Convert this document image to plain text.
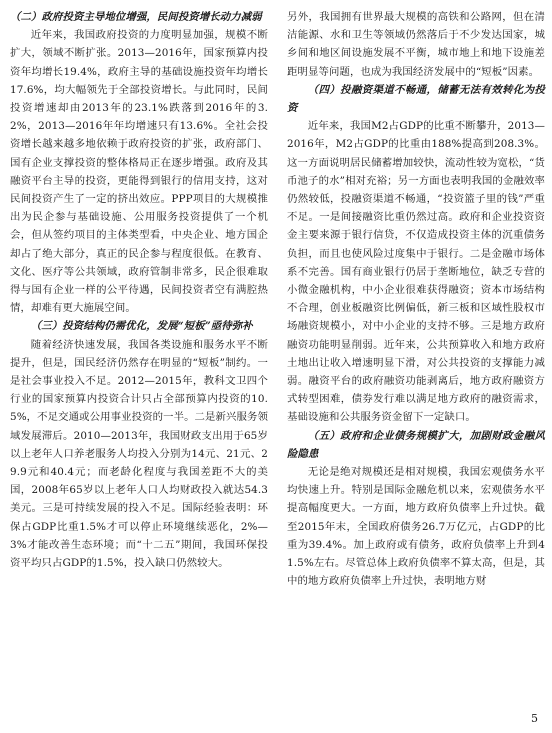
（二）政府投资主导地位增强，民间投资增长动力减弱

近年来，我国政府投资的力度明显加强，规模不断扩大，领域不断扩张。2013—2016年，国家预算内投资年均增长19.4%，政府主导的基础设施投资年均增长17.6%，均大幅领先于全部投资增长。与此同时，民间投资增速却由2013年的23.1%跌落到2016年的3.2%，2013—2016年年均增速只有13.6%。全社会投资增长越来越多地依赖于政府投资的扩张，政府部门、国有企业支撑投资的整体格局正在逐步增强。政府及其融资平台主导的投资，更能得到银行的信用支持，这对民间投资产生了一定的挤出效应。PPP项目的大规模推出为民企参与基础设施、公用服务投资提供了一个机会，但从签约项目的主体类型看，中央企业、地方国企却占了绝大部分，真正的民企参与程度很低。在教育、文化、医疗等公共领域，政府管制非常多，民企很难取得与国有企业一样的公平待遇，民间投资者空有满腔热情，却难有更大施展空间。

（三）投资结构仍需优化，发展“短板”亟待弥补

随着经济快速发展，我国各类设施和服务水平不断提升，但是，国民经济仍然存在明显的“短板”制约。一是社会事业投入不足。2012—2015年，教科文卫四个行业的国家预算内投资合计只占全部预算内投资的10.5%，不足交通或公用事业投资的一半。二是新兴服务领域发展滞后。2010—2013年，我国财政支出用于65岁以上老年人口养老服务人均投入分别为14元、21元、29.9元和40.4元；而老龄化程度与我国差距不大的美国，2008年65岁以上老年人口人均财政投入就达54.3美元。三是可持续发展的投入不足。国际经验表明：环保占GDP比重1.5%才可以停止环境继续恶化，2%—3%才能改善生态环境；而“十二五”期间，我国环保投资平均只占GDP的1.5%，投入缺口仍然较大。

另外，我国拥有世界最大规模的高铁和公路网，但在清洁能源、水和卫生等领域仍然落后于不少发达国家，城乡间和地区间设施发展不平衡，城市地上和地下设施差距明显等问题，也成为我国经济发展中的“短板”因素。

（四）投融资渠道不畅通，储蓄无法有效转化为投资

近年来，我国M2占GDP的比重不断攀升，2013—2016年，M2占GDP的比重由188%提高到208.3%。这一方面说明居民储蓄增加较快，流动性较为宽松，“货币池子的水”相对充裕；另一方面也表明我国的金融效率仍然较低，投融资渠道不畅通，“投资篮子里的钱”严重不足。一是间接融资比重仍然过高。政府和企业投资资金主要来源于银行信贷，不仅造成投资主体的沉重债务负担，而且也使风险过度集中于银行。二是金融市场体系不完善。国有商业银行仍居于垄断地位，缺乏专营的小微金融机构，中小企业很难获得融资；资本市场结构不合理，创业板融资比例偏低，新三板和区域性股权市场融资规模小，对中小企业的支持不够。三是地方政府融资功能明显削弱。近年来，公共预算收入和地方政府土地出让收入增速明显下滑，对公共投资的支撑能力减弱。融资平台的政府融资功能剥离后，地方政府融资方式转型困难，债券发行难以满足地方政府的融资需求，基础设施和公共服务资金留下一定缺口。

（五）政府和企业债务规模扩大，加剧财政金融风险隐患

无论是绝对规模还是相对规模，我国宏观债务水平均快速上升。特别是国际金融危机以来，宏观债务水平提高幅度更大。一方面，地方政府负债率上升过快。截至2015年末，全国政府债务26.7万亿元，占GDP的比重为39.4%。加上政府或有债务，政府负债率上升到41.5%左右。尽管总体上政府负债率不算太高，但是，其中的地方政府负债率上升过快，表明地方财

5
